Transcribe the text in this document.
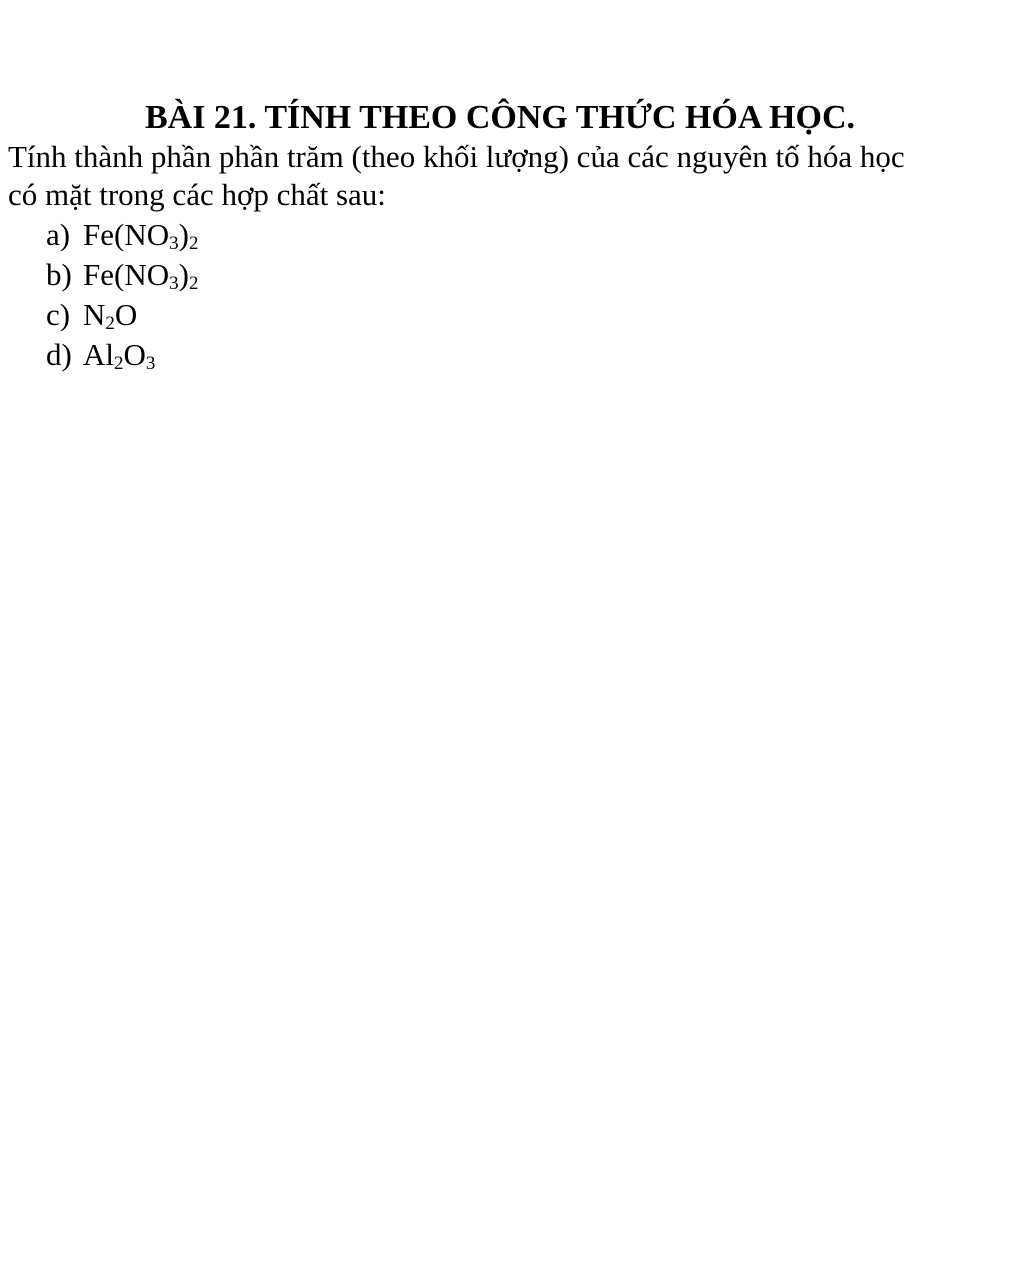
BÀI 21. TÍNH THEO CÔNG THỨC HÓA HỌC.
Tính thành phần phần trăm (theo khối lượng) của các nguyên tố hóa học
có mặt trong các hợp chất sau:
a) $Fe(NO_3)_2$
b) $Fe(NO_3)_2$
c) $N_2O$
d) $Al_2O_3$
